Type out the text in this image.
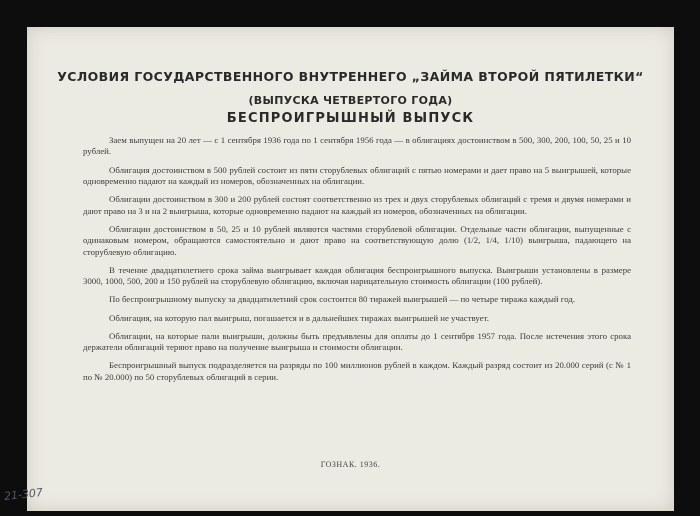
УСЛОВИЯ ГОСУДАРСТВЕННОГО ВНУТРЕННЕГО „ЗАЙМА ВТОРОЙ ПЯТИЛЕТКИ“
(ВЫПУСКА ЧЕТВЕРТОГО ГОДА)
БЕСПРОИГРЫШНЫЙ ВЫПУСК

Заем выпущен на 20 лет — с 1 сентября 1936 года по 1 сентября 1956 года — в облигациях достоинством в 500, 300, 200, 100, 50, 25 и 10 рублей.

Облигация достоинством в 500 рублей состоит из пяти сторублевых облигаций с пятью номерами и дает право на 5 выигрышей, которые одновременно падают на каждый из номеров, обозначенных на облигации.

Облигации достоинством в 300 и 200 рублей состоят соответственно из трех и двух сторублевых облигаций с тремя и двумя номерами и дают право на 3 и на 2 выигрыша, которые одновременно падают на каждый из номеров, обозначенных на облигации.

Облигации достоинством в 50, 25 и 10 рублей являются частями сторублевой облигации. Отдельные части облигации, выпущенные с одинаковым номером, обращаются самостоятельно и дают право на соответствующую долю (1/2, 1/4, 1/10) выигрыша, падающего на сторублевую облигацию.

В течение двадцатилетнего срока займа выигрывает каждая облигация беспроигрышного выпуска. Выигрыши установлены в размере 3000, 1000, 500, 200 и 150 рублей на сторублевую облигацию, включая нарицательную стоимость облигации (100 рублей).

По беспроигрышному выпуску за двадцатилетний срок состоится 80 тиражей выигрышей — по четыре тиража каждый год.

Облигация, на которую пал выигрыш, погашается и в дальнейших тиражах выигрышей не участвует.

Облигации, на которые пали выигрыши, должны быть предъявлены для оплаты до 1 сентября 1957 года. После истечения этого срока держатели облигаций теряют право на получение выигрыша и стоимости облигации.

Беспроигрышный выпуск подразделяется на разряды по 100 миллионов рублей в каждом. Каждый разряд состоит из 20.000 серий (с № 1 по № 20.000) по 50 сторублевых облигаций в серии.

ГОЗНАК. 1936.
21-307
